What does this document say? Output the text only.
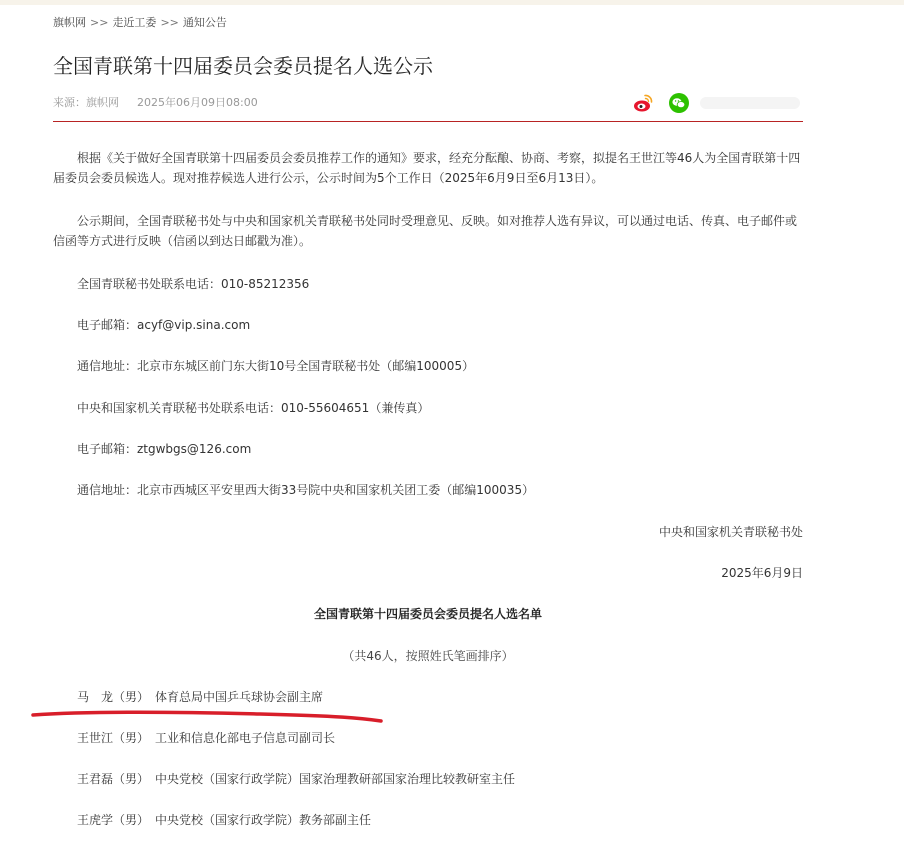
旗帜网 >> 走近工委 >> 通知公告
全国青联第十四届委员会委员提名人选公示
来源：旗帜网 2025年06月09日08:00

根据《关于做好全国青联第十四届委员会委员推荐工作的通知》要求，经充分酝酿、协商、考察，拟提名王世江等46人为全国青联第十四届委员会委员候选人。现对推荐候选人进行公示，公示时间为5个工作日（2025年6月9日至6月13日）。

公示期间，全国青联秘书处与中央和国家机关青联秘书处同时受理意见、反映。如对推荐人选有异议，可以通过电话、传真、电子邮件或信函等方式进行反映（信函以到达日邮戳为准）。

全国青联秘书处联系电话：010-85212356
电子邮箱：acyf@vip.sina.com
通信地址：北京市东城区前门东大街10号全国青联秘书处（邮编100005）
中央和国家机关青联秘书处联系电话：010-55604651（兼传真）
电子邮箱：ztgwbgs@126.com
通信地址：北京市西城区平安里西大街33号院中央和国家机关团工委（邮编100035）
中央和国家机关青联秘书处
2025年6月9日
全国青联第十四届委员会委员提名人选名单
（共46人，按照姓氏笔画排序）
马　龙（男）　体育总局中国乒乓球协会副主席
王世江（男）　工业和信息化部电子信息司副司长
王君磊（男）　中央党校（国家行政学院）国家治理教研部国家治理比较教研室主任
王虎学（男）　中央党校（国家行政学院）教务部副主任
